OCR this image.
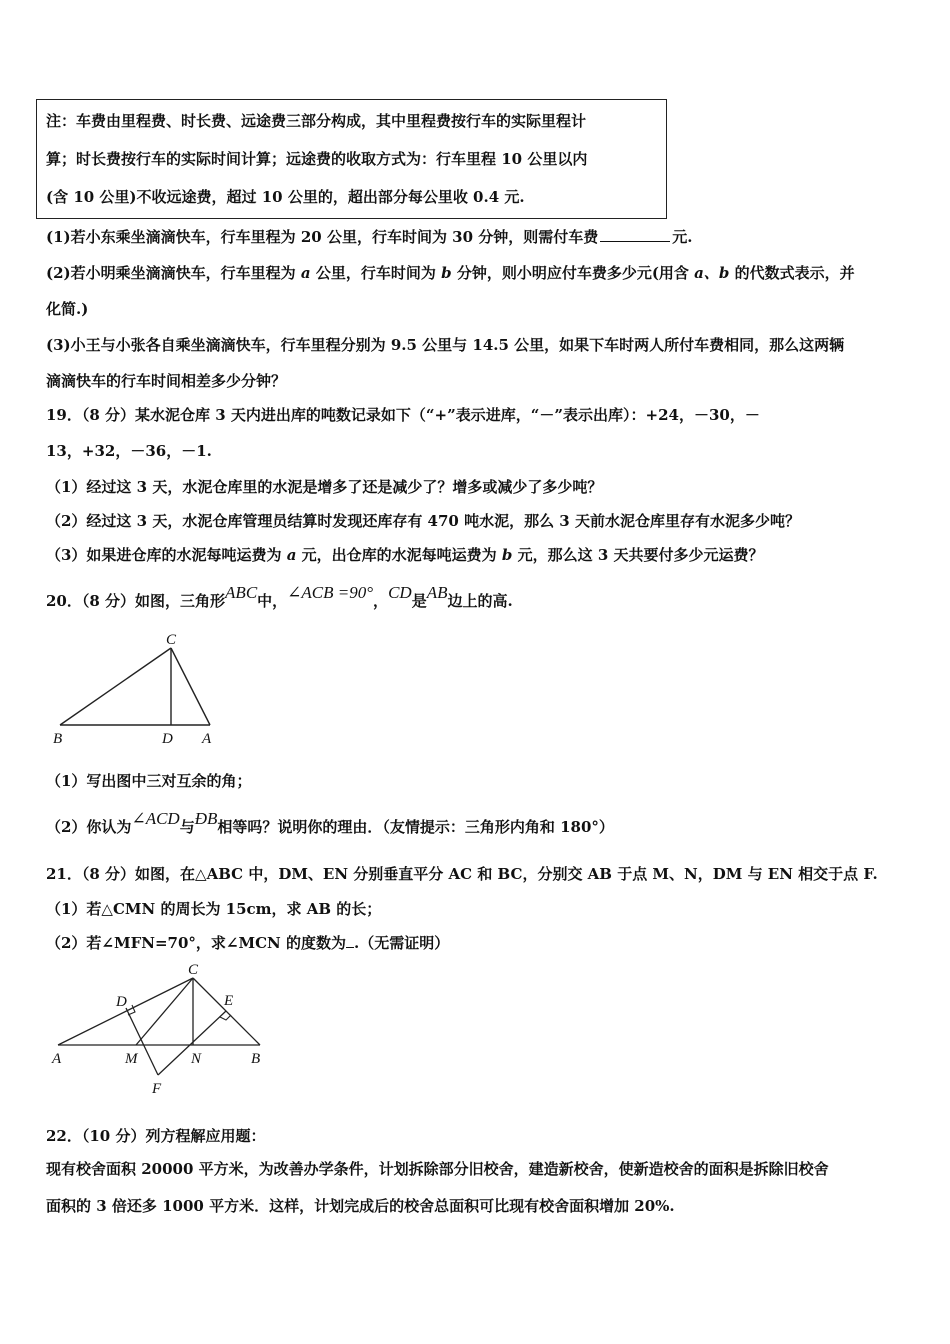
注：车费由里程费、时长费、远途费三部分构成，其中里程费按行车的实际里程计
算；时长费按行车的实际时间计算；远途费的收取方式为：行车里程 10 公里以内
(含 10 公里)不收远途费，超过 10 公里的，超出部分每公里收 0.4 元.
(1)若小东乘坐滴滴快车，行车里程为 20 公里，行车时间为 30 分钟，则需付车费	元.
(2)若小明乘坐滴滴快车，行车里程为 a 公里，行车时间为 b 分钟，则小明应付车费多少元(用含 a、b 的代数式表示，并
化简.)
(3)小王与小张各自乘坐滴滴快车，行车里程分别为 9.5 公里与 14.5 公里，如果下车时两人所付车费相同，那么这两辆
滴滴快车的行车时间相差多少分钟？
19．（8 分）某水泥仓库 3 天内进出库的吨数记录如下（“+”表示进库，“－”表示出库）：+24，－30，－
13，+32，－36，－1.
（1）经过这 3 天，水泥仓库里的水泥是增多了还是减少了？增多或减少了多少吨？
（2）经过这 3 天，水泥仓库管理员结算时发现还库存有 470 吨水泥，那么 3 天前水泥仓库里存有水泥多少吨？
（3）如果进仓库的水泥每吨运费为 a 元，出仓库的水泥每吨运费为 b 元，那么这 3 天共要付多少元运费？
20．（8 分）如图，三角形ABC中，∠ACB =90°，CD是AB边上的高.
C
B	D A
（1）写出图中三对互余的角；
（2）你认为∠ACD与ÐB相等吗？说明你的理由．（友情提示：三角形内角和 180°）
21．（8 分）如图，在△ABC 中，DM、EN 分别垂直平分 AC 和 BC，分别交 AB 于点 M、N，DM 与 EN 相交于点 F.
（1）若△CMN 的周长为 15cm，求 AB 的长；
（2）若∠MFN=70°，求∠MCN 的度数为 .（无需证明）
C
D	E
A	M	N	B
F
22．（10 分）列方程解应用题：
现有校舍面积 20000 平方米，为改善办学条件，计划拆除部分旧校舍，建造新校舍，使新造校舍的面积是拆除旧校舍
面积的 3 倍还多 1000 平方米．这样，计划完成后的校舍总面积可比现有校舍面积增加 20%.
